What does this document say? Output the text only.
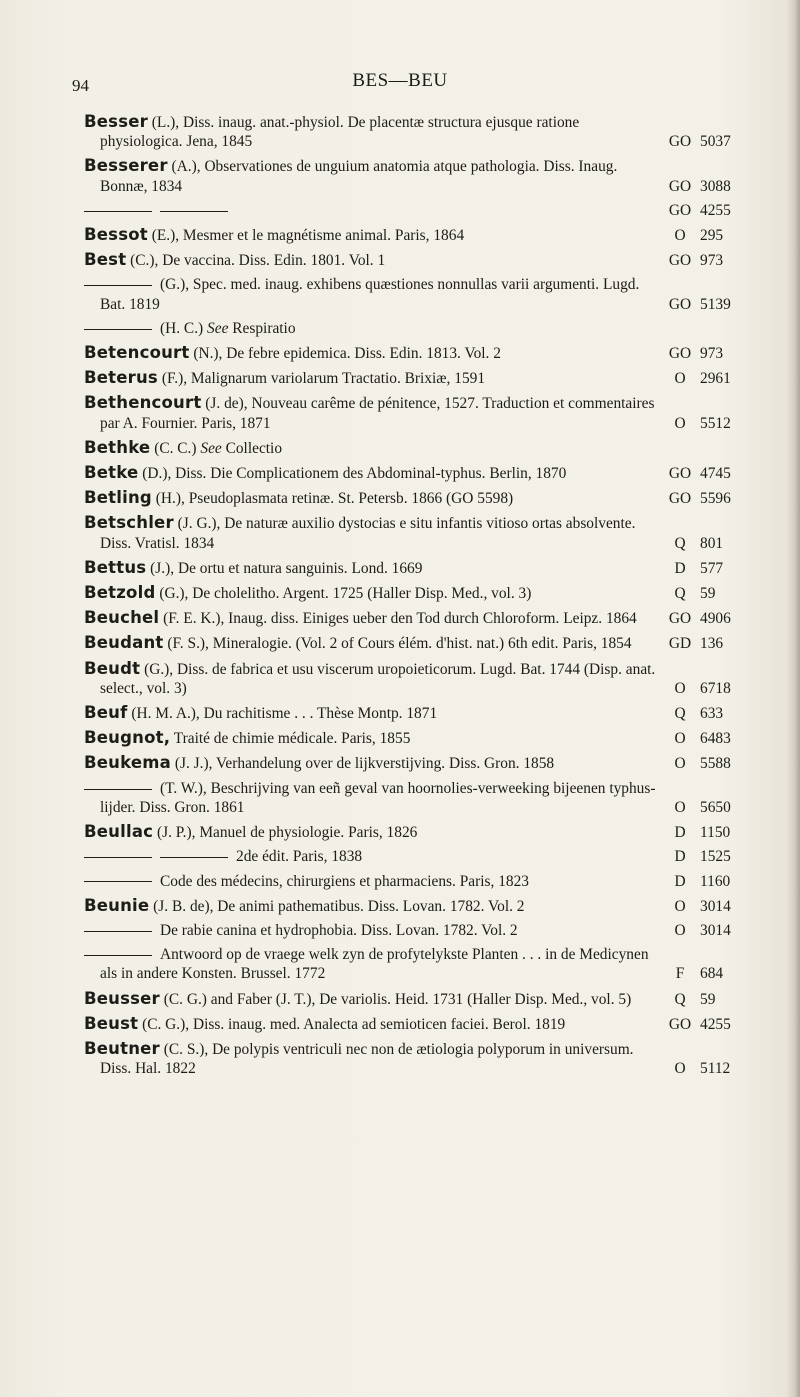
94	BES—BEU
Besser (L.), Diss. inaug. anat.-physiol. De placentæ structura ejusque ratione physiologica. Jena, 1845	GO 5037
Besserer (A.), Observationes de unguium anatomia atque pathologia. Diss. Inaug. Bonnæ, 1834	GO 3088
GO 4255
Bessot (E.), Mesmer et le magnétisme animal. Paris, 1864	O 295
Best (C.), De vaccina. Diss. Edin. 1801. Vol. 1	GO 973
(G.), Spec. med. inaug. exhibens quæstiones nonnullas varii argumenti. Lugd. Bat. 1819	GO 5139
(H. C.) See Respiratio
Betencourt (N.), De febre epidemica. Diss. Edin. 1813. Vol. 2	GO 973
Beterus (F.), Malignarum variolarum Tractatio. Brixiæ, 1591	O 2961
Bethencourt (J. de), Nouveau carême de pénitence, 1527. Traduction et commentaires par A. Fournier. Paris, 1871	O 5512
Bethke (C. C.) See Collectio
Betke (D.), Diss. Die Complicationem des Abdominal-typhus. Berlin, 1870	GO 4745
Betling (H.), Pseudoplasmata retinæ. St. Petersb. 1866 (GO 5598)	GO 5596
Betschler (J. G.), De naturæ auxilio dystocias e situ infantis vitioso ortas absolvente. Diss. Vratisl. 1834	Q 801
Bettus (J.), De ortu et natura sanguinis. Lond. 1669	D 577
Betzold (G.), De cholelitho. Argent. 1725 (Haller Disp. Med., vol. 3)	Q 59
Beuchel (F. E. K.), Inaug. diss. Einiges ueber den Tod durch Chloroform. Leipz. 1864	GO 4906
Beudant (F. S.), Mineralogie. (Vol. 2 of Cours élém. d'hist. nat.) 6th edit. Paris, 1854	GD 136
Beudt (G.), Diss. de fabrica et usu viscerum uropoieticorum. Lugd. Bat. 1744 (Disp. anat. select., vol. 3)	O 6718
Beuf (H. M. A.), Du rachitisme . . . Thèse Montp. 1871	Q 633
Beugnot, Traité de chimie médicale. Paris, 1855	O 6483
Beukema (J. J.), Verhandelung over de lijkverstijving. Diss. Gron. 1858	O 5588
(T. W.), Beschrijving van eeñ geval van hoornolies-verweeking bijeenen typhus-lijder. Diss. Gron. 1861	O 5650
Beullac (J. P.), Manuel de physiologie. Paris, 1826	D 1150
2de édit. Paris, 1838	D 1525
Code des médecins, chirurgiens et pharmaciens. Paris, 1823	D 1160
Beunie (J. B. de), De animi pathematibus. Diss. Lovan. 1782. Vol. 2	O 3014
De rabie canina et hydrophobia. Diss. Lovan. 1782. Vol. 2	O 3014
Antwoord op de vraege welk zyn de profytelykste Planten . . . in de Medicynen als in andere Konsten. Brussel. 1772	F	684
Beusser (C. G.) and Faber (J. T.), De variolis. Heid. 1731 (Haller Disp. Med., vol. 5)	Q 59
Beust (C. G.), Diss. inaug. med. Analecta ad semioticen faciei. Berol. 1819	GO 4255
Beutner (C. S.), De polypis ventriculi nec non de ætiologia polyporum in universum. Diss. Hal. 1822	O 5112
